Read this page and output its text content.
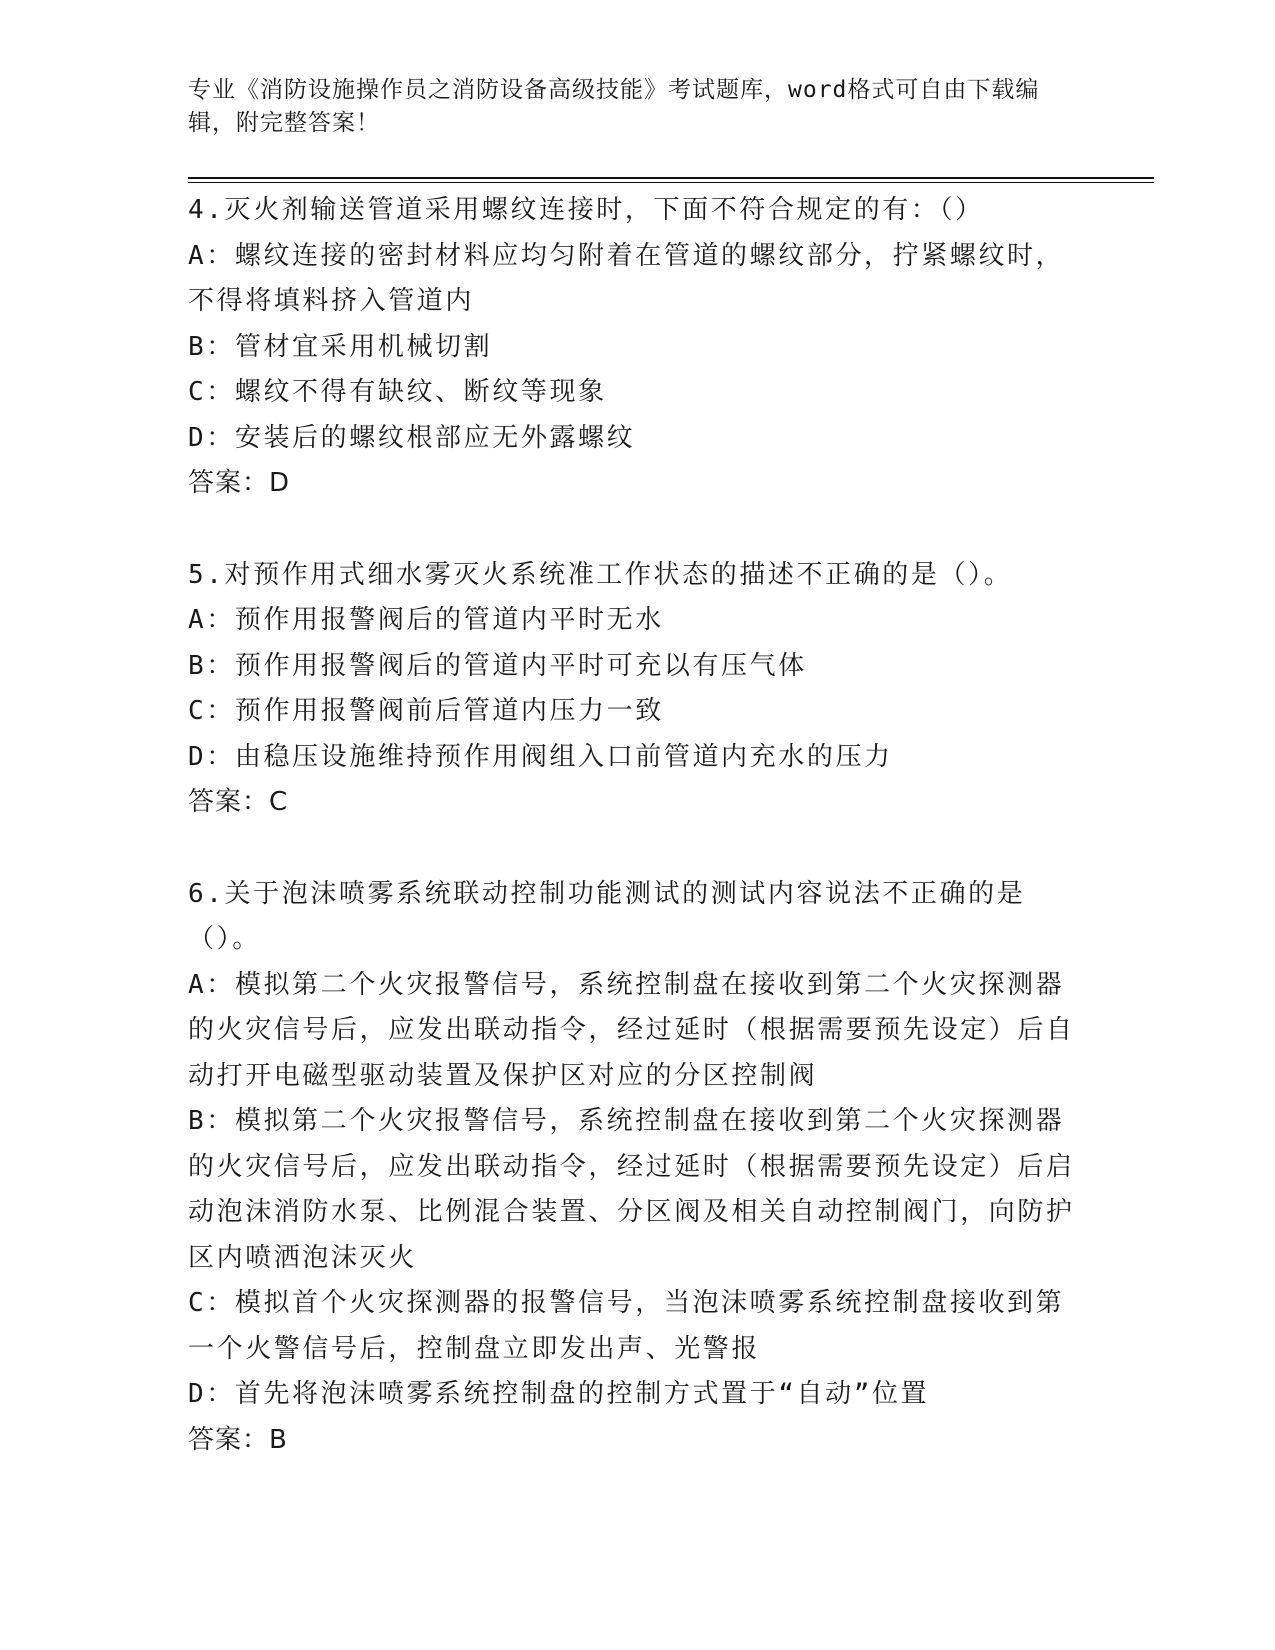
专业《消防设施操作员之消防设备高级技能》考试题库，word格式可自由下载编
辑，附完整答案！
4.灭火剂输送管道采用螺纹连接时，下面不符合规定的有：（）
A：螺纹连接的密封材料应均匀附着在管道的螺纹部分，拧紧螺纹时，不得将填料挤入管道内
B：管材宜采用机械切割
C：螺纹不得有缺纹、断纹等现象
D：安装后的螺纹根部应无外露螺纹
答案：D
5.对预作用式细水雾灭火系统准工作状态的描述不正确的是（）。
A：预作用报警阀后的管道内平时无水
B：预作用报警阀后的管道内平时可充以有压气体
C：预作用报警阀前后管道内压力一致
D：由稳压设施维持预作用阀组入口前管道内充水的压力
答案：C
6.关于泡沫喷雾系统联动控制功能测试的测试内容说法不正确的是（）。
A：模拟第二个火灾报警信号，系统控制盘在接收到第二个火灾探测器的火灾信号后，应发出联动指令，经过延时（根据需要预先设定）后自动打开电磁型驱动装置及保护区对应的分区控制阀
B：模拟第二个火灾报警信号，系统控制盘在接收到第二个火灾探测器的火灾信号后，应发出联动指令，经过延时（根据需要预先设定）后启动泡沫消防水泵、比例混合装置、分区阀及相关自动控制阀门，向防护区内喷洒泡沫灭火
C：模拟首个火灾探测器的报警信号，当泡沫喷雾系统控制盘接收到第一个火警信号后，控制盘立即发出声、光警报
D：首先将泡沫喷雾系统控制盘的控制方式置于“自动”位置
答案：B
